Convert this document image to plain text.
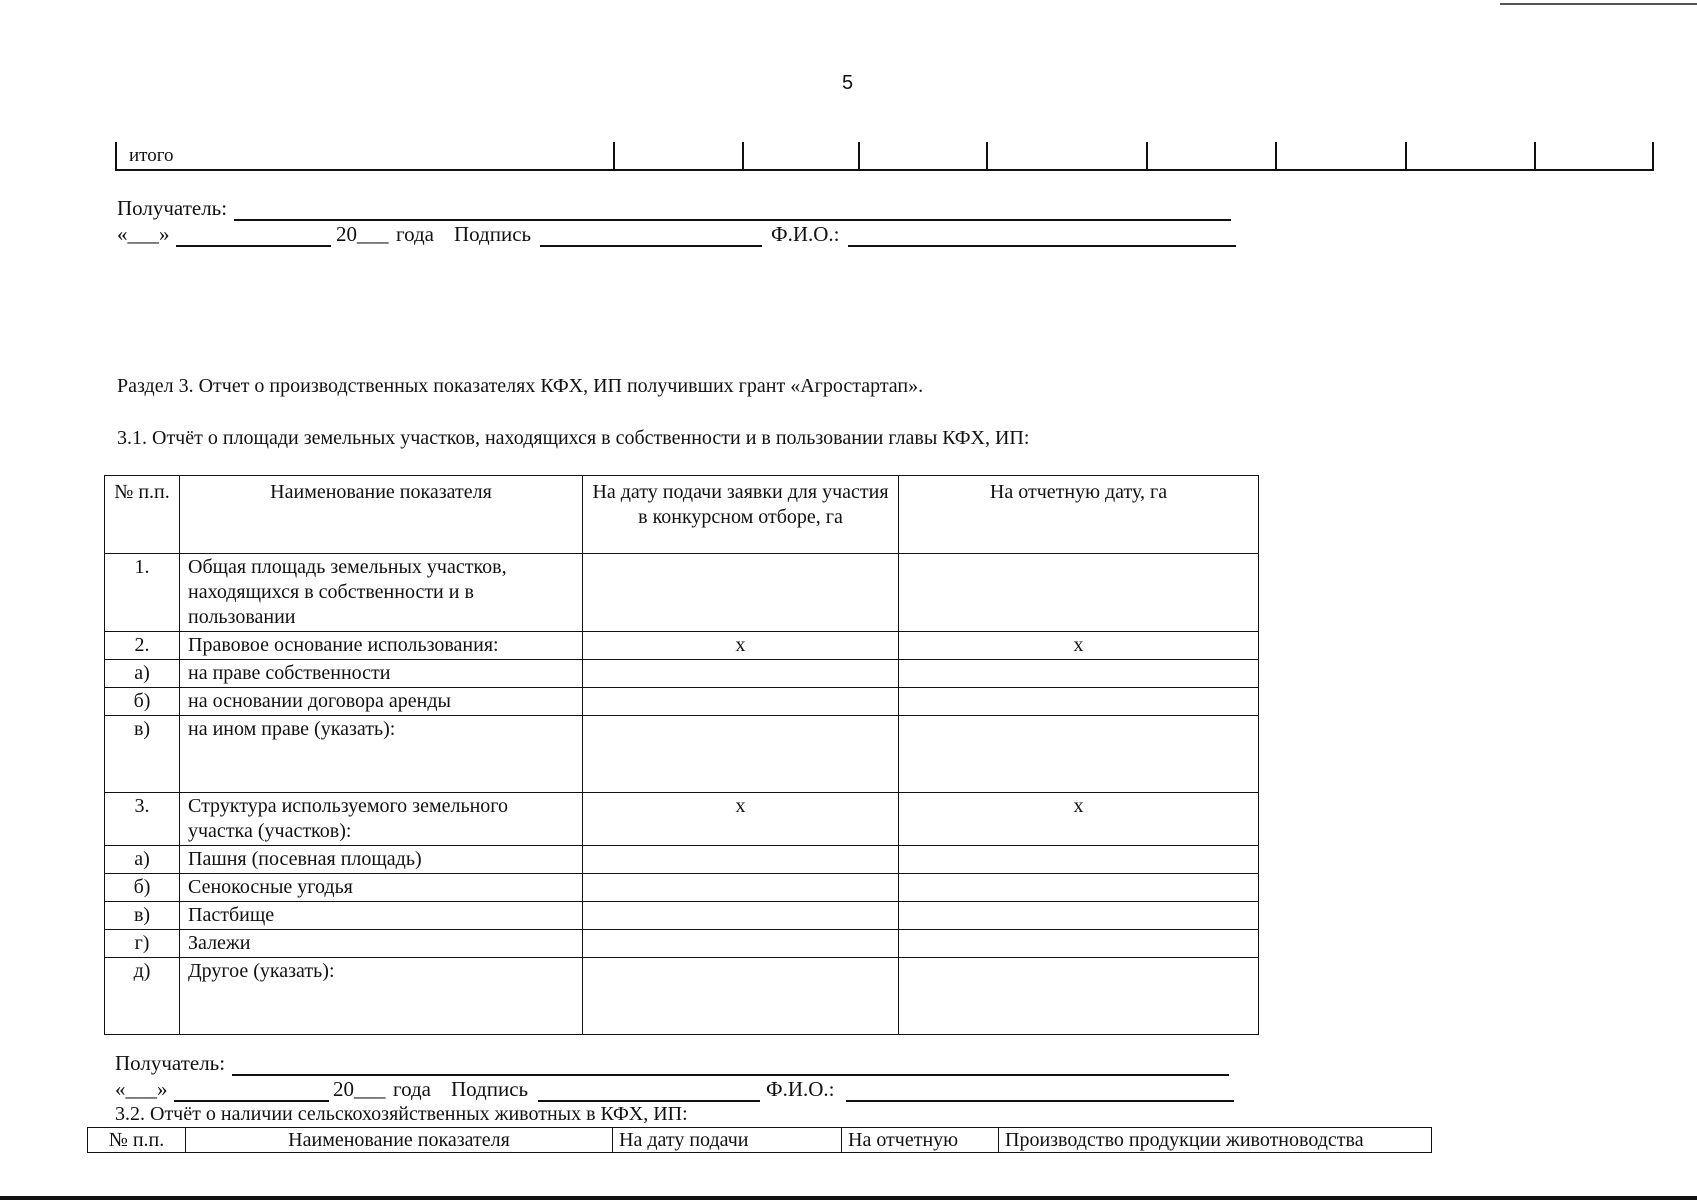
5
итого
Получатель:
«___»	20___ года Подпись	Ф.И.О.:
Раздел 3. Отчет о производственных показателях КФХ, ИП получивших грант «Агростартап».
3.1. Отчёт о площади земельных участков, находящихся в собственности и в пользовании главы КФХ, ИП:
№ п.п.	Наименование показателя	На дату подачи заявки для участия в конкурсном отборе, га	На отчетную дату, га
1.	Общая площадь земельных участков, находящихся в собственности и в пользовании		
2.	Правовое основание использования:	х	х
а)	на праве собственности		
б)	на основании договора аренды		
в)	на ином праве (указать):		
3.	Структура используемого земельного участка (участков):	х	х
а)	Пашня (посевная площадь)		
б)	Сенокосные угодья		
в)	Пастбище		
г)	Залежи		
д)	Другое (указать):		
Получатель:
«___»	20___ года Подпись	Ф.И.О.:
3.2. Отчёт о наличии сельскохозяйственных животных в КФХ, ИП:
№ п.п.	Наименование показателя	На дату подачи	На отчетную	Производство продукции животноводства
